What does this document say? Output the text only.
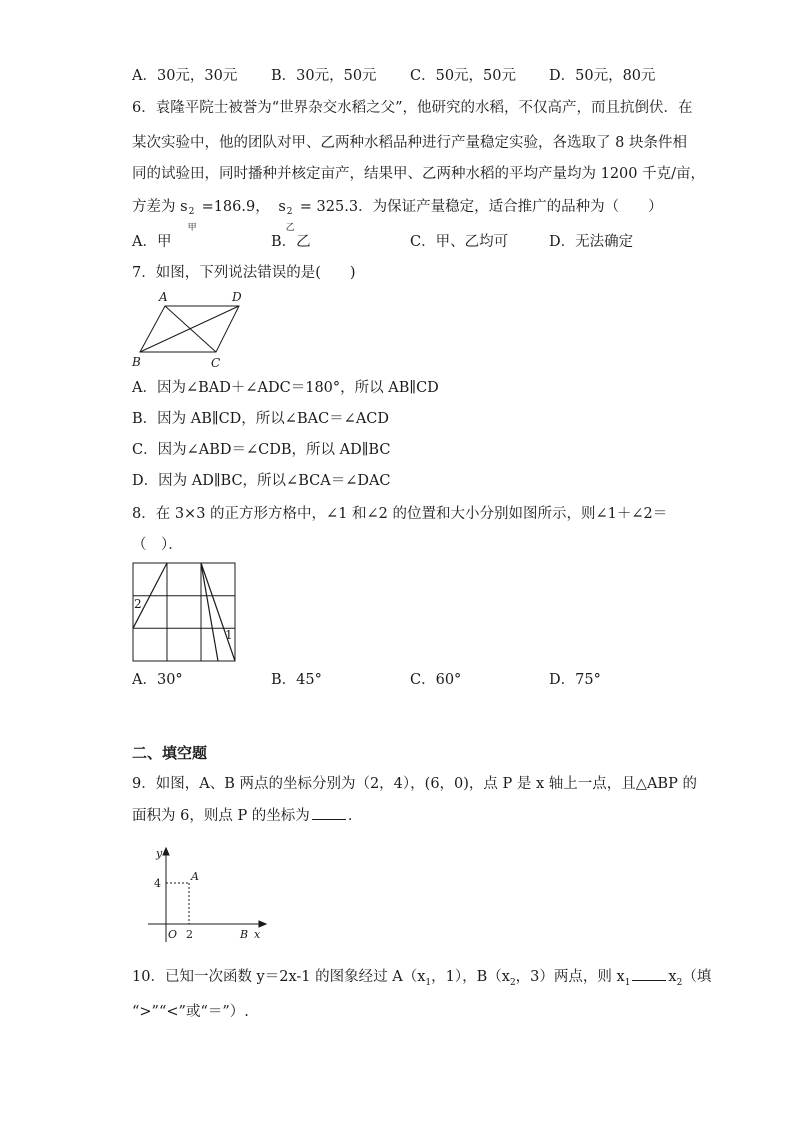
A．30元，30元 B．30元，50元 C．50元，50元 D．50元，80元
6．袁隆平院士被誉为“世界杂交水稻之父”，他研究的水稻，不仅高产，而且抗倒伏．在
某次实验中，他的团队对甲、乙两种水稻品种进行产量稳定实验，各选取了 8 块条件相
同的试验田，同时播种并核定亩产，结果甲、乙两种水稻的平均产量均为 1200 千克/亩，
方差为 s 2
甲
=186.9， s 2
乙
= 325.3．为保证产量稳定，适合推广的品种为（　　）
A．甲	B．乙	C．甲、乙均可	D．无法确定
7．如图，下列说法错误的是(　　)
A	D
B	C
A．因为∠BAD＋∠ADC＝180°，所以 AB∥CD
B．因为 AB∥CD，所以∠BAC＝∠ACD
C．因为∠ABD＝∠CDB，所以 AD∥BC
D．因为 AD∥BC，所以∠BCA＝∠DAC
8．在 3×3 的正方形方格中，∠1 和∠2 的位置和大小分别如图所示，则∠1＋∠2＝
（　）．
2
1
A．30°	B．45°	C．60°	D．75°
二、填空题
9．如图，A、B 两点的坐标分别为（2，4），(6，0)，点 P 是 x 轴上一点，且△ABP 的
面积为 6，则点 P 的坐标为	．
y
x
A
B
O
4
2
10．已知一次函数 y＝2x-1 的图象经过 $A(x_1$，1），$B(x_2$，3）两点，则 $x_1$	$x_2$（填
“>”“<”或“＝”）.
